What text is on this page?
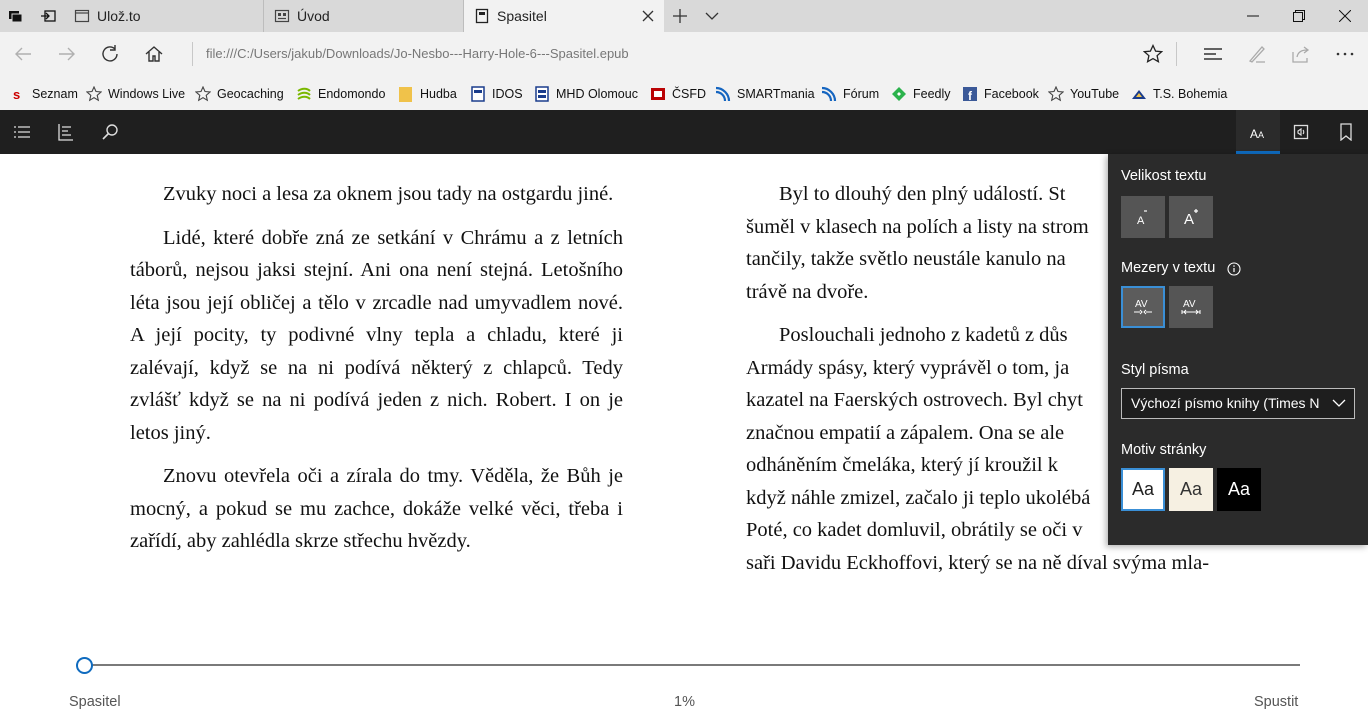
Ulož.to	Úvod	Spasitel
file:///C:/Users/jakub/Downloads/Jo-Nesbo---Harry-Hole-6---Spasitel.epub
s Seznam Windows Live	Geocaching	Endomondo	Hudba	IDOS	MHD Olomouc	ČSFD SMARTmania Fórum	Feedly f Facebook YouTube	T.S. Bohemia
A A

Zvuky noci a lesa za oknem jsou tady na ostgardu jiné.

Lidé, které dobře zná ze setkání v Chrámu a z letních táborů, nejsou jaksi stejní. Ani ona není stejná. Letošního léta jsou její obličej a tělo v zrcadle nad umyvadlem nové. A její pocity, ty podivné vlny tepla a chladu, které ji zalévají, když se na ni podívá některý z chlapců. Tedy zvlášť když se na ni podívá jeden z nich. Robert. I on je letos jiný.

Znovu otevřela oči a zírala do tmy. Věděla, že Bůh je mocný, a pokud se mu zachce, dokáže velké věci, třeba i zařídí, aby zahlédla skrze střechu hvězdy.

Byl to dlouhý den plný událostí. St
šuměl v klasech na polích a listy na strom
tančily, takže světlo neustále kanulo na
trávě na dvoře.
Poslouchali jednoho z kadetů z důs
Armády spásy, který vyprávěl o tom, ja
kazatel na Faerských ostrovech. Byl chyt
značnou empatií a zápalem. Ona se ale
odháněním čmeláka, který jí kroužil k
když náhle zmizel, začalo ji teplo ukolébá
Poté, co kadet domluvil, obrátily se oči v
saři Davidu Eckhoffovi, který se na ně díval svýma mla-
Spasitel	1%	Spustit
Velikost textu
A	A
Mezery v textu
AV	AV
Styl písma
Výchozí písmo knihy (Times N
Motiv stránky
Aa	Aa	Aa
